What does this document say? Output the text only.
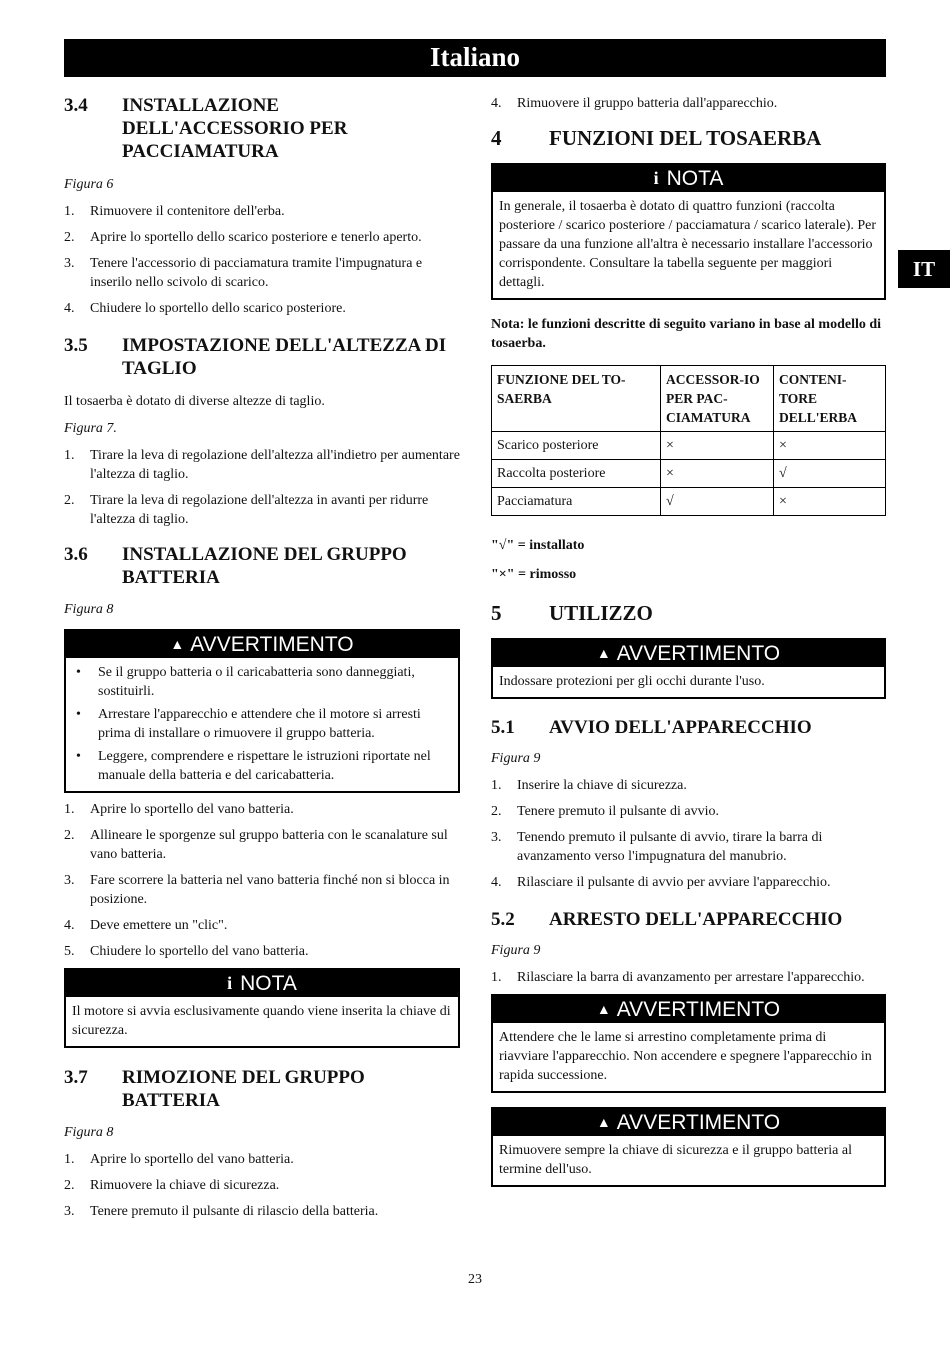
Italiano
IT
3.4	INSTALLAZIONE DELL'ACCESSORIO PER PACCIAMATURA

Figura 6

1.	Rimuovere il contenitore dell'erba.
2.	Aprire lo sportello dello scarico posteriore e tenerlo aperto.
3.	Tenere l'accessorio di pacciamatura tramite l'impugnatura e inserilo nello scivolo di scarico.
4.	Chiudere lo sportello dello scarico posteriore.
3.5	IMPOSTAZIONE DELL'ALTEZZA DI TAGLIO

Il tosaerba è dotato di diverse altezze di taglio.

Figura 7.

1.	Tirare la leva di regolazione dell'altezza all'indietro per aumentare l'altezza di taglio.
2.	Tirare la leva di regolazione dell'altezza in avanti per ridurre l'altezza di taglio.
3.6	INSTALLAZIONE DEL GRUPPO BATTERIA

Figura 8

▲ AVVERTIMENTO
•	Se il gruppo batteria o il caricabatteria sono danneggiati, sostituirli.
•	Arrestare l'apparecchio e attendere che il motore si arresti prima di installare o rimuovere il gruppo batteria.
•	Leggere, comprendere e rispettare le istruzioni riportate nel manuale della batteria e del caricabatteria.
1.	Aprire lo sportello del vano batteria.
2.	Allineare le sporgenze sul gruppo batteria con le scanalature sul vano batteria.
3.	Fare scorrere la batteria nel vano batteria finché non si blocca in posizione.
4.	Deve emettere un "clic".
5.	Chiudere lo sportello del vano batteria.
i NOTA
Il motore si avvia esclusivamente quando viene inserita la chiave di sicurezza.
3.7	RIMOZIONE DEL GRUPPO BATTERIA

Figura 8

1.	Aprire lo sportello del vano batteria.
2.	Rimuovere la chiave di sicurezza.
3.	Tenere premuto il pulsante di rilascio della batteria.
4.	Rimuovere il gruppo batteria dall'apparecchio.
4	FUNZIONI DEL TOSAERBA
i NOTA
In generale, il tosaerba è dotato di quattro funzioni (raccolta posteriore / scarico posteriore / pacciamatura / scarico laterale). Per passare da una funzione all'altra è necessario installare l'accessorio corrispondente. Consultare la tabella seguente per maggiori dettagli.

Nota: le funzioni descritte di seguito variano in base al modello di tosaerba.

FUNZIONE DEL TO-SAERBA	ACCESSOR-IO PER PAC-CIAMATURA	CONTENI-TORE DELL'ERBA
Scarico posteriore	×	×
Raccolta posteriore	×	√
Pacciamatura	√	×

"√" = installato

"×" = rimosso

5	UTILIZZO
▲ AVVERTIMENTO
Indossare protezioni per gli occhi durante l'uso.
5.1	AVVIO DELL'APPARECCHIO

Figura 9

1.	Inserire la chiave di sicurezza.
2.	Tenere premuto il pulsante di avvio.
3.	Tenendo premuto il pulsante di avvio, tirare la barra di avanzamento verso l'impugnatura del manubrio.
4.	Rilasciare il pulsante di avvio per avviare l'apparecchio.
5.2	ARRESTO DELL'APPARECCHIO

Figura 9

1.	Rilasciare la barra di avanzamento per arrestare l'apparecchio.
▲ AVVERTIMENTO
Attendere che le lame si arrestino completamente prima di riavviare l'apparecchio. Non accendere e spegnere l'apparecchio in rapida successione.
▲ AVVERTIMENTO
Rimuovere sempre la chiave di sicurezza e il gruppo batteria al termine dell'uso.
23
